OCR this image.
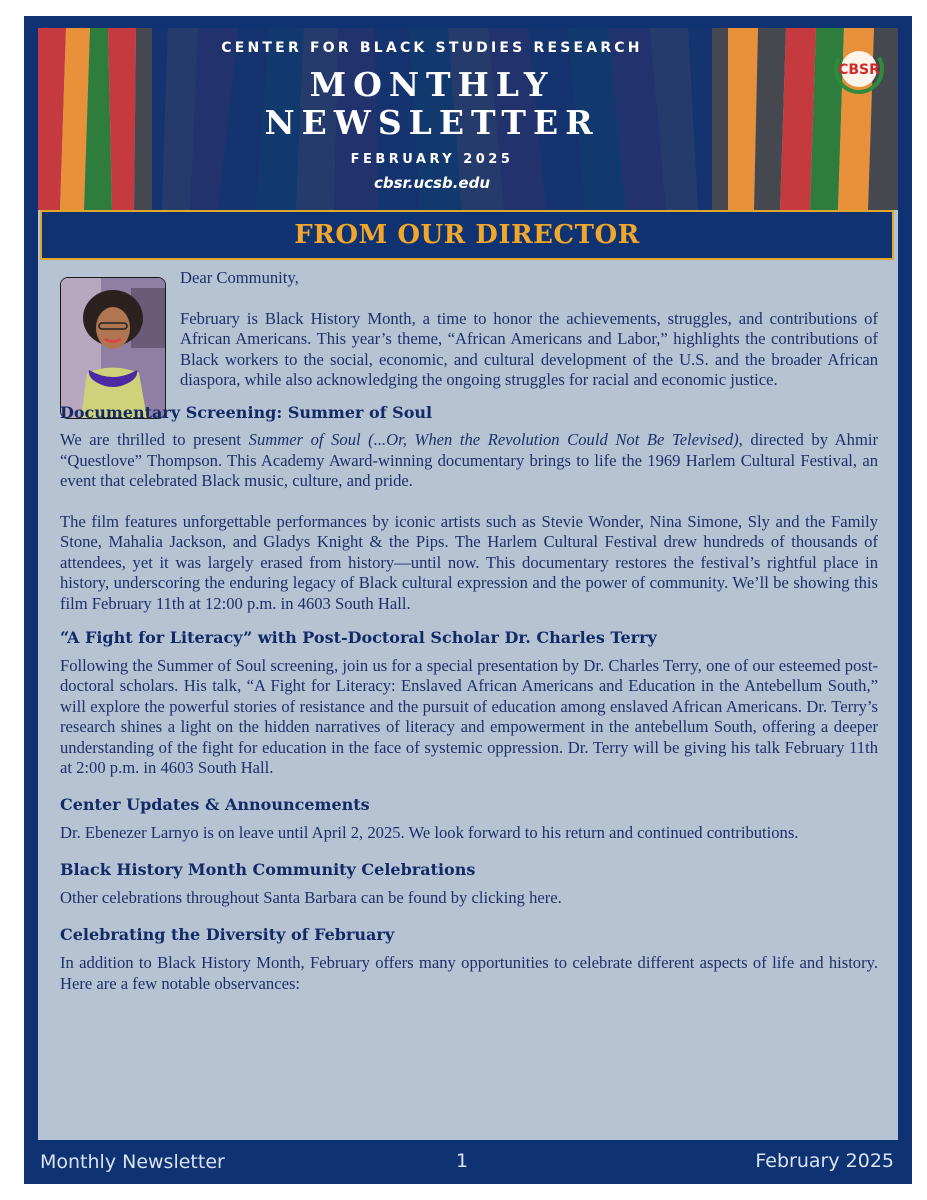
CENTER FOR BLACK STUDIES RESEARCH
MONTHLY
NEWSLETTER
FEBRUARY 2025
cbsr.ucsb.edu
CBSR
FROM OUR DIRECTOR

Dear Community,

February is Black History Month, a time to honor the achievements, struggles, and contributions of African Americans. This year’s theme, “African Americans and Labor,” highlights the contributions of Black workers to the social, economic, and cultural development of the U.S. and the broader African diaspora, while also acknowledging the ongoing struggles for racial and economic justice.

Documentary Screening: Summer of Soul

We are thrilled to present Summer of Soul (...Or, When the Revolution Could Not Be Televised), directed by Ahmir “Questlove” Thompson. This Academy Award-winning documentary brings to life the 1969 Harlem Cultural Festival, an event that celebrated Black music, culture, and pride.

The film features unforgettable performances by iconic artists such as Stevie Wonder, Nina Simone, Sly and the Family Stone, Mahalia Jackson, and Gladys Knight & the Pips. The Harlem Cultural Festival drew hundreds of thousands of attendees, yet it was largely erased from history—until now. This documentary restores the festival’s rightful place in history, underscoring the enduring legacy of Black cultural expression and the power of community. We’ll be showing this film February 11th at 12:00 p.m. in 4603 South Hall.

“A Fight for Literacy” with Post-Doctoral Scholar Dr. Charles Terry

Following the Summer of Soul screening, join us for a special presentation by Dr. Charles Terry, one of our esteemed post-doctoral scholars. His talk, “A Fight for Literacy: Enslaved African Americans and Education in the Antebellum South,” will explore the powerful stories of resistance and the pursuit of education among enslaved African Americans. Dr. Terry’s research shines a light on the hidden narratives of literacy and empowerment in the antebellum South, offering a deeper understanding of the fight for education in the face of systemic oppression. Dr. Terry will be giving his talk February 11th at 2:00 p.m. in 4603 South Hall.

Center Updates & Announcements

Dr. Ebenezer Larnyo is on leave until April 2, 2025. We look forward to his return and continued contributions.

Black History Month Community Celebrations

Other celebrations throughout Santa Barbara can be found by clicking here.

Celebrating the Diversity of February

In addition to Black History Month, February offers many opportunities to celebrate different aspects of life and history. Here are a few notable observances:

Monthly Newsletter	1	February 2025
